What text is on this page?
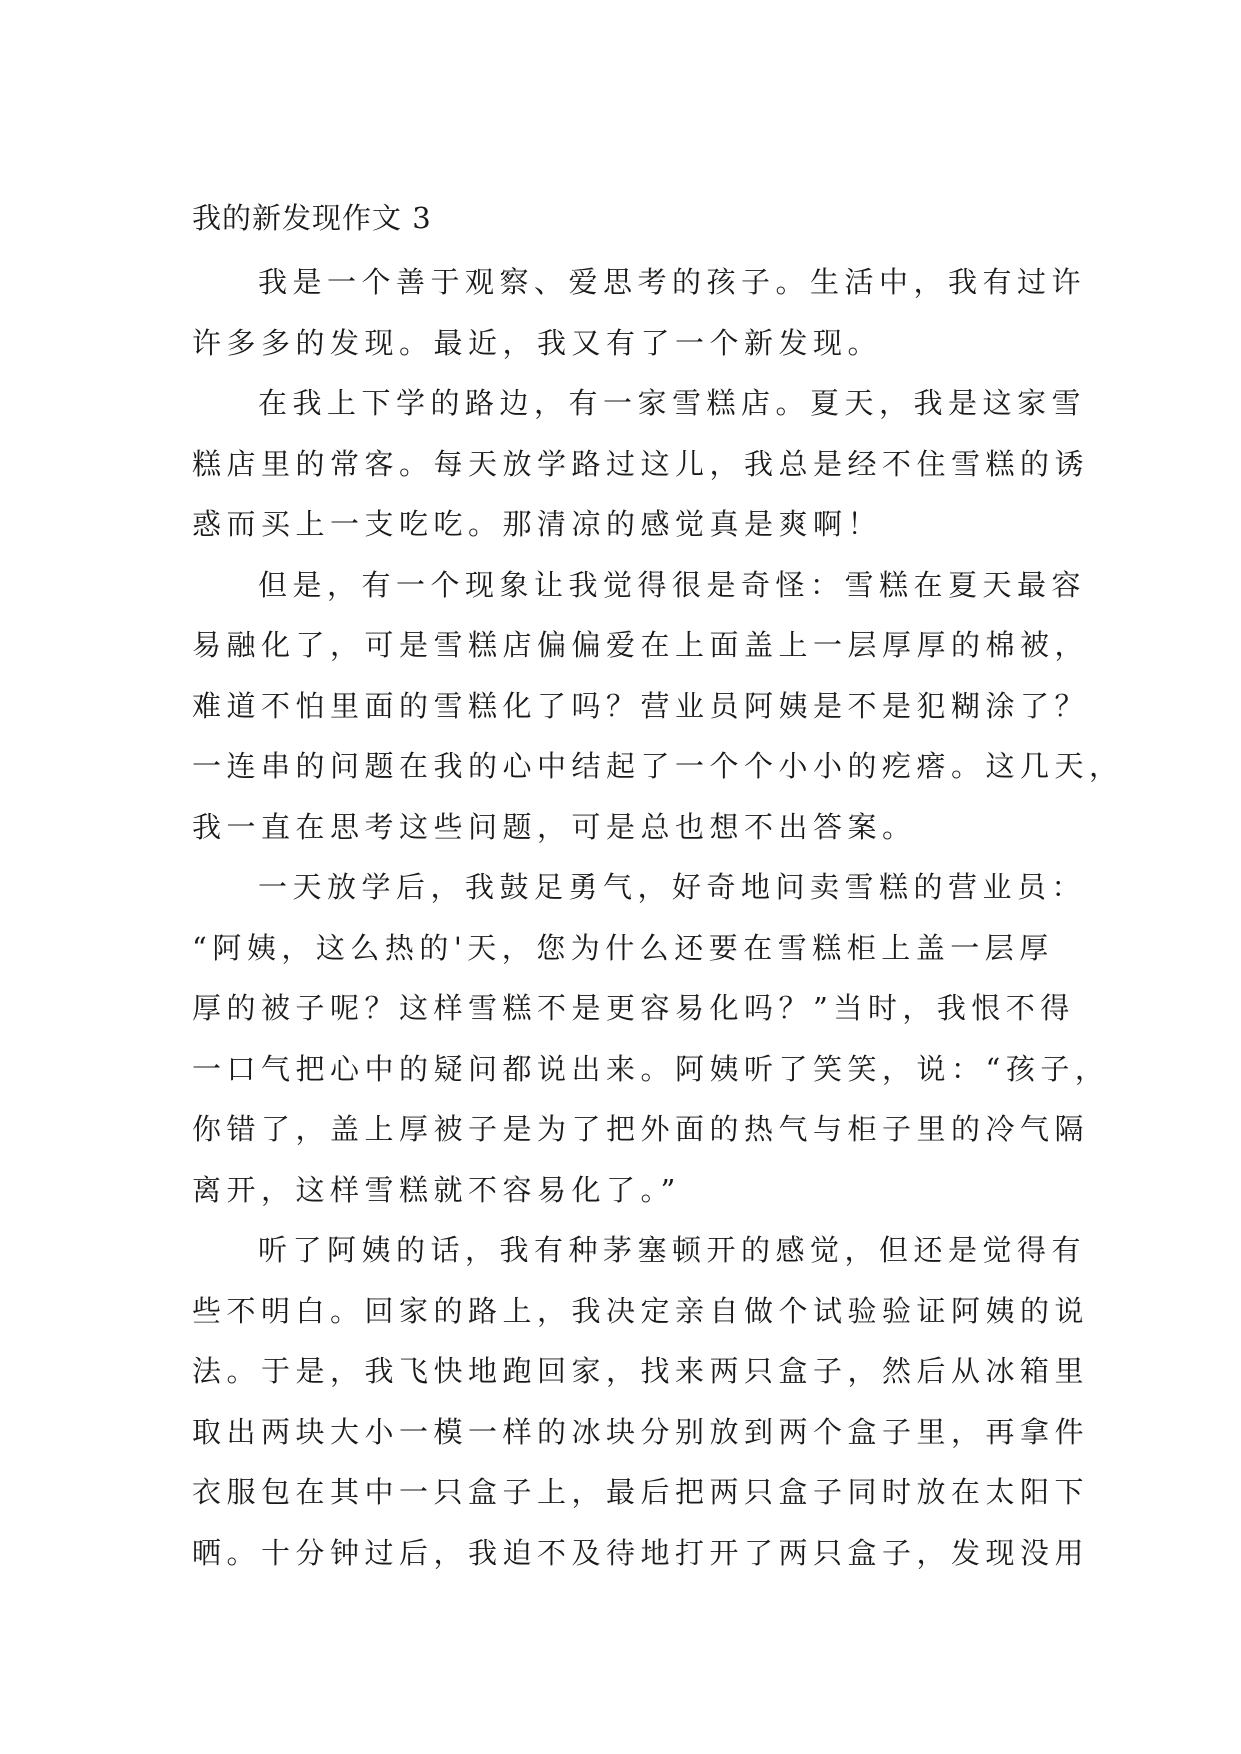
我的新发现作文 3
我是一个善于观察、爱思考的孩子。生活中，我有过许
许多多的发现。最近，我又有了一个新发现。
在我上下学的路边，有一家雪糕店。夏天，我是这家雪
糕店里的常客。每天放学路过这儿，我总是经不住雪糕的诱
惑而买上一支吃吃。那清凉的感觉真是爽啊！
但是，有一个现象让我觉得很是奇怪：雪糕在夏天最容
易融化了，可是雪糕店偏偏爱在上面盖上一层厚厚的棉被，
难道不怕里面的雪糕化了吗？营业员阿姨是不是犯糊涂了？
一连串的问题在我的心中结起了一个个小小的疙瘩。这几天，
我一直在思考这些问题，可是总也想不出答案。
一天放学后，我鼓足勇气，好奇地问卖雪糕的营业员：
“阿姨，这么热的'天，您为什么还要在雪糕柜上盖一层厚
厚的被子呢？这样雪糕不是更容易化吗？”当时，我恨不得
一口气把心中的疑问都说出来。阿姨听了笑笑，说：“孩子，
你错了，盖上厚被子是为了把外面的热气与柜子里的冷气隔
离开，这样雪糕就不容易化了。”
听了阿姨的话，我有种茅塞顿开的感觉，但还是觉得有
些不明白。回家的路上，我决定亲自做个试验验证阿姨的说
法。于是，我飞快地跑回家，找来两只盒子，然后从冰箱里
取出两块大小一模一样的冰块分别放到两个盒子里，再拿件
衣服包在其中一只盒子上，最后把两只盒子同时放在太阳下
晒。十分钟过后，我迫不及待地打开了两只盒子，发现没用
